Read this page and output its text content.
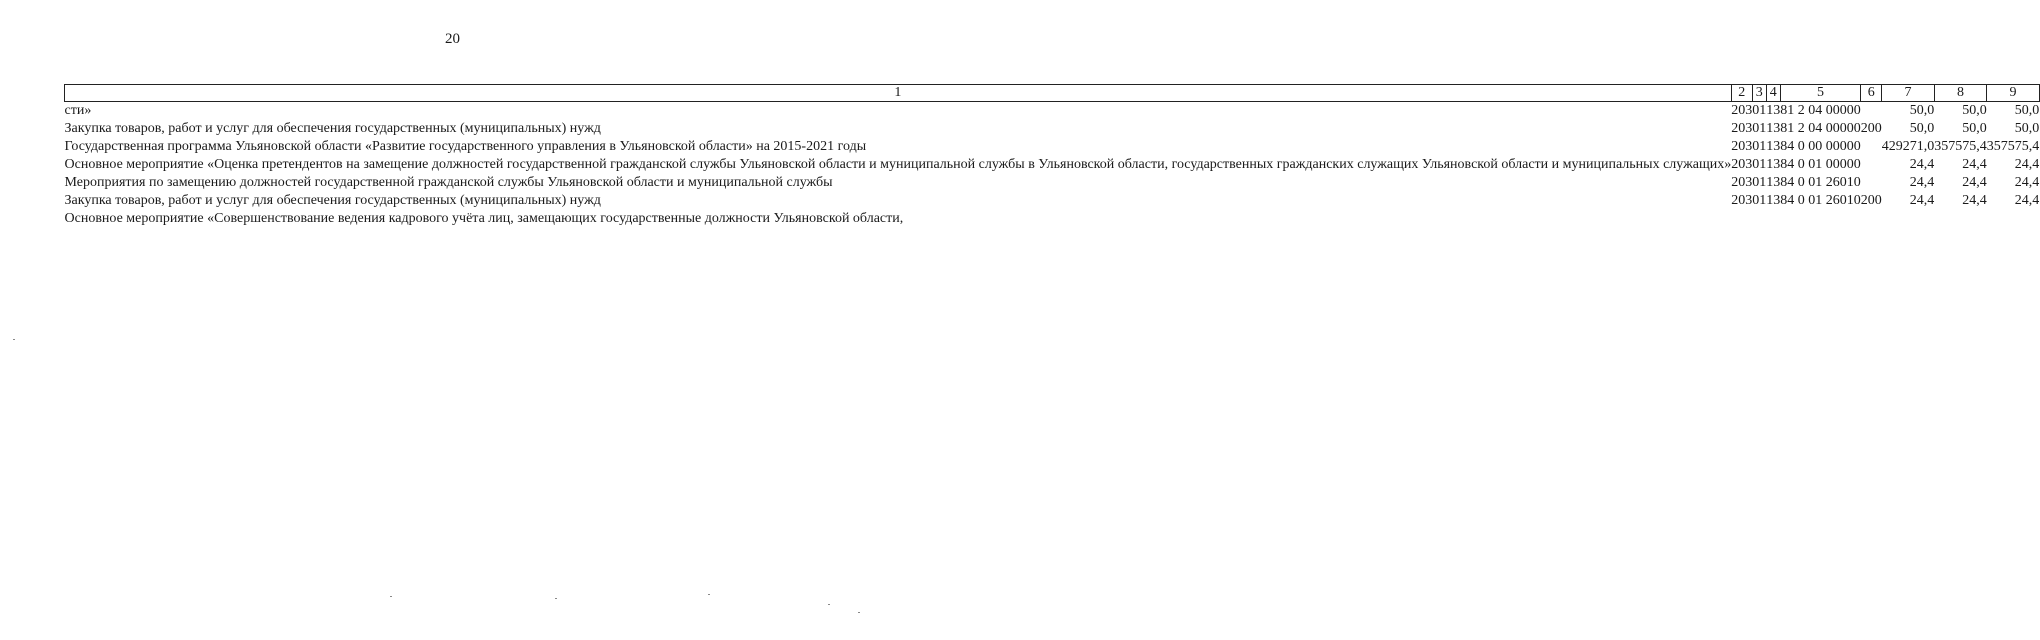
20
1	2	3	4	5	6	7	8	9
сти»	203	01	13	81 2 04 00000		50,0	50,0	50,0
Закупка товаров, работ и услуг для обеспечения государственных (муниципальных) нужд	203	01	13	81 2 04 00000	200	50,0	50,0	50,0
Государственная программа Ульяновской области «Развитие государственного управления в Ульяновской области» на 2015-2021 годы	203	01	13	84 0 00 00000		429271,0	357575,4	357575,4
Основное мероприятие «Оценка претендентов на замещение должностей государственной гражданской службы Ульяновской области и муниципальной службы в Ульяновской области, государственных гражданских служащих Ульяновской области и муниципальных служащих»	203	01	13	84 0 01 00000		24,4	24,4	24,4
Мероприятия по замещению должностей государственной гражданской службы Ульяновской области и муниципальной службы	203	01	13	84 0 01 26010		24,4	24,4	24,4
Закупка товаров, работ и услуг для обеспечения государственных (муниципальных) нужд	203	01	13	84 0 01 26010	200	24,4	24,4	24,4
Основное мероприятие «Совершенствование ведения кадрового учёта лиц, замещающих государственные должности Ульяновской области,								
